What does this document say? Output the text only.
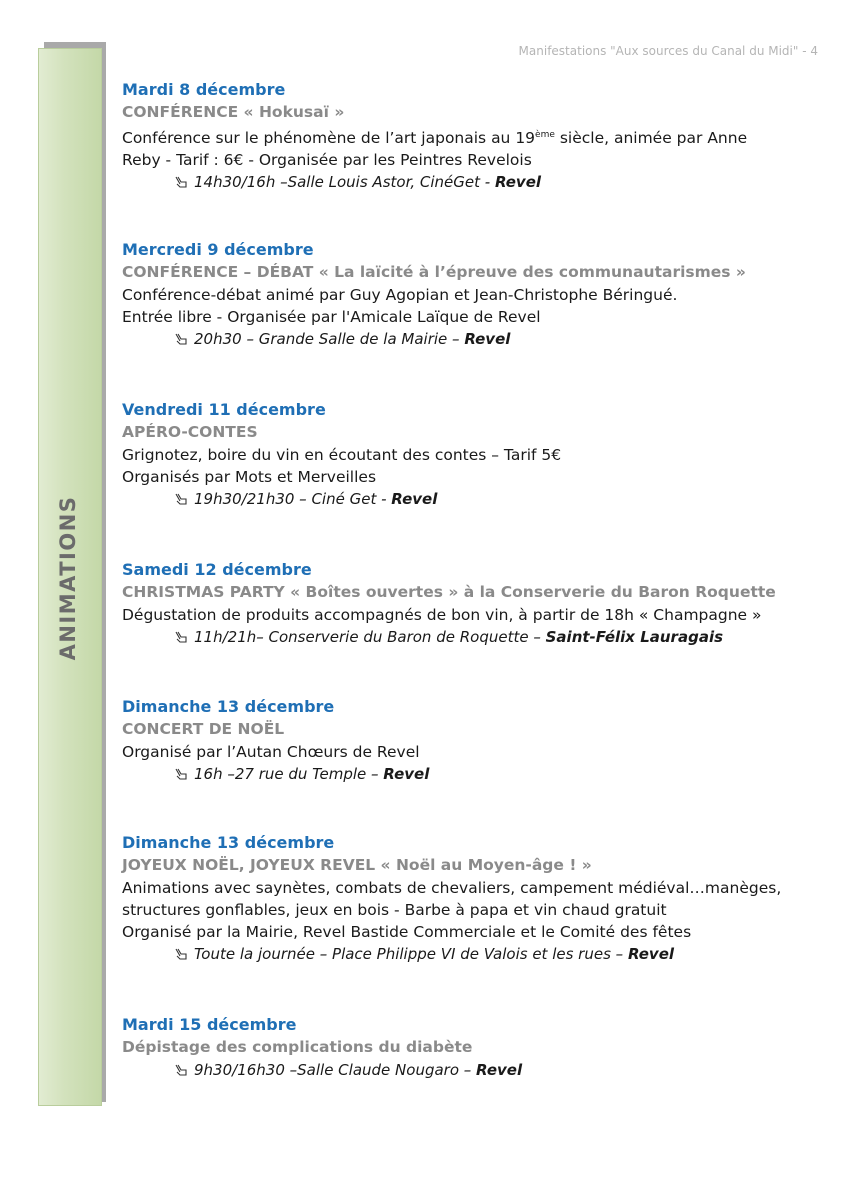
Manifestations "Aux sources du Canal du Midi" - 4
ANIMATIONS
Mardi 8 décembre
CONFÉRENCE « Hokusaï »

Conférence sur le phénomène de l’art japonais au 19ème siècle, animée par Anne
Reby - Tarif : 6€ - Organisée par les Peintres Revelois

14h30/16h –Salle Louis Astor, CinéGet - Revel
Mercredi 9 décembre
CONFÉRENCE – DÉBAT « La laïcité à l’épreuve des communautarismes »

Conférence-débat animé par Guy Agopian et Jean-Christophe Béringué.
Entrée libre - Organisée par l'Amicale Laïque de Revel

20h30 – Grande Salle de la Mairie – Revel
Vendredi 11 décembre
APÉRO-CONTES

Grignotez, boire du vin en écoutant des contes – Tarif 5€
Organisés par Mots et Merveilles

19h30/21h30 – Ciné Get - Revel
Samedi 12 décembre
CHRISTMAS PARTY « Boîtes ouvertes » à la Conserverie du Baron Roquette

Dégustation de produits accompagnés de bon vin, à partir de 18h « Champagne »

11h/21h– Conserverie du Baron de Roquette – Saint-Félix Lauragais
Dimanche 13 décembre
CONCERT DE NOËL

Organisé par l’Autan Chœurs de Revel

16h –27 rue du Temple – Revel
Dimanche 13 décembre
JOYEUX NOËL, JOYEUX REVEL « Noël au Moyen-âge ! »

Animations avec saynètes, combats de chevaliers, campement médiéval…manèges,
structures gonflables, jeux en bois - Barbe à papa et vin chaud gratuit
Organisé par la Mairie, Revel Bastide Commerciale et le Comité des fêtes

Toute la journée – Place Philippe VI de Valois et les rues – Revel
Mardi 15 décembre
Dépistage des complications du diabète
9h30/16h30 –Salle Claude Nougaro – Revel
